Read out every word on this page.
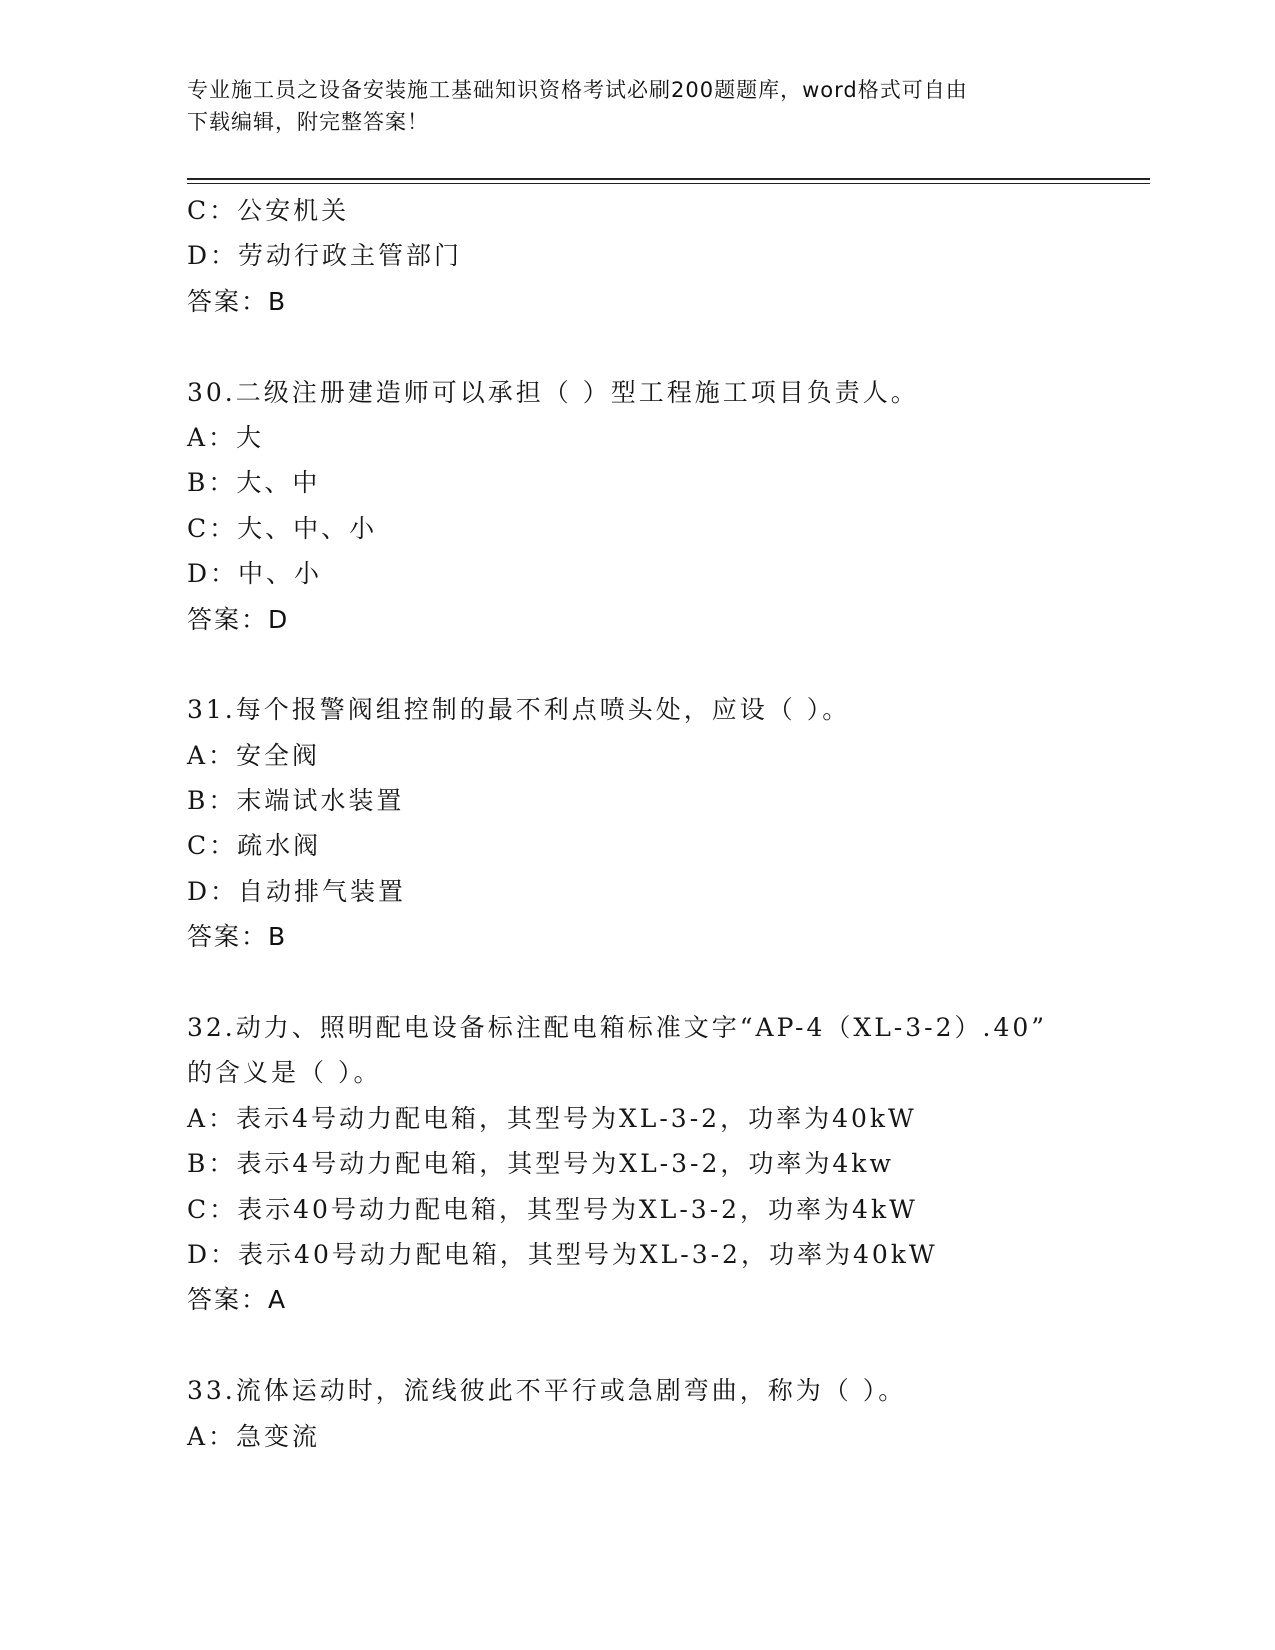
专业施工员之设备安装施工基础知识资格考试必刷200题题库，word格式可自由
下载编辑，附完整答案！
C：公安机关
D：劳动行政主管部门
答案：B
30.二级注册建造师可以承担（ ）型工程施工项目负责人。
A：大
B：大、中
C：大、中、小
D：中、小
答案：D
31.每个报警阀组控制的最不利点喷头处，应设（ ）。
A：安全阀
B：末端试水装置
C：疏水阀
D：自动排气装置
答案：B
32.动力、照明配电设备标注配电箱标准文字“AP-4（XL-3-2）.40”
的含义是（ ）。
A：表示4号动力配电箱，其型号为XL-3-2，功率为40kW
B：表示4号动力配电箱，其型号为XL-3-2，功率为4kw
C：表示40号动力配电箱，其型号为XL-3-2，功率为4kW
D：表示40号动力配电箱，其型号为XL-3-2，功率为40kW
答案：A
33.流体运动时，流线彼此不平行或急剧弯曲，称为（ ）。
A：急变流
